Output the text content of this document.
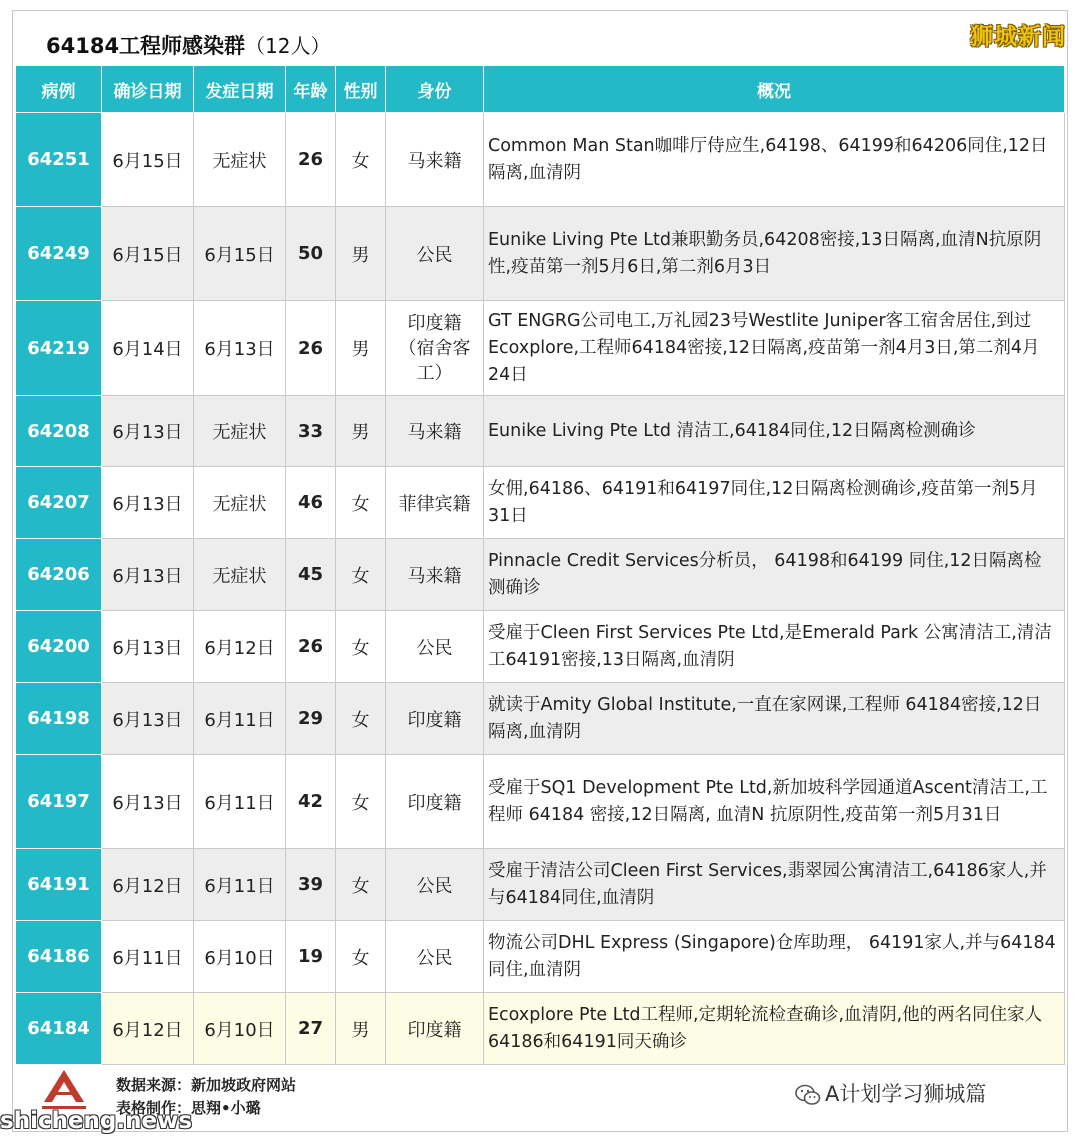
64184工程师感染群（12人）	狮城新闻
病例	确诊日期	发症日期	年龄	性别	身份	概况
64251	6月15日	无症状	26	女	马来籍	Common Man Stan咖啡厅侍应生,64198、64199和64206同住,12日隔离,血清阴
64249	6月15日	6月15日	50	男	公民	Eunike Living Pte Ltd兼职勤务员,64208密接,13日隔离,血清N抗原阴性,疫苗第一剂5月6日,第二剂6月3日
64219	6月14日	6月13日	26	男	印度籍（宿舍客工）	GT ENGRG公司电工,万礼园23号Westlite Juniper客工宿舍居住,到过Ecoxplore,工程师64184密接,12日隔离,疫苗第一剂4月3日,第二剂4月24日
64208	6月13日	无症状	33	男	马来籍	Eunike Living Pte Ltd 清洁工,64184同住,12日隔离检测确诊
64207	6月13日	无症状	46	女	菲律宾籍	女佣,64186、64191和64197同住,12日隔离检测确诊,疫苗第一剂5月31日
64206	6月13日	无症状	45	女	马来籍	Pinnacle Credit Services分析员， 64198和64199 同住,12日隔离检测确诊
64200	6月13日	6月12日	26	女	公民	受雇于Cleen First Services Pte Ltd,是Emerald Park 公寓清洁工,清洁工64191密接,13日隔离,血清阴
64198	6月13日	6月11日	29	女	印度籍	就读于Amity Global Institute,一直在家网课,工程师 64184密接,12日隔离,血清阴
64197	6月13日	6月11日	42	女	印度籍	受雇于SQ1 Development Pte Ltd,新加坡科学园通道Ascent清洁工,工程师 64184 密接,12日隔离, 血清N 抗原阴性,疫苗第一剂5月31日
64191	6月12日	6月11日	39	女	公民	受雇于清洁公司Cleen First Services,翡翠园公寓清洁工,64186家人,并与64184同住,血清阴
64186	6月11日	6月10日	19	女	公民	物流公司DHL Express (Singapore)仓库助理， 64191家人,并与64184同住,血清阴
64184	6月12日	6月10日	27	男	印度籍	Ecoxplore Pte Ltd工程师,定期轮流检查确诊,血清阴,他的两名同住家人64186和64191同天确诊
数据来源：新加坡政府网站
表格制作：思翔•小璐
A计划学习狮城篇
shicheng.news
